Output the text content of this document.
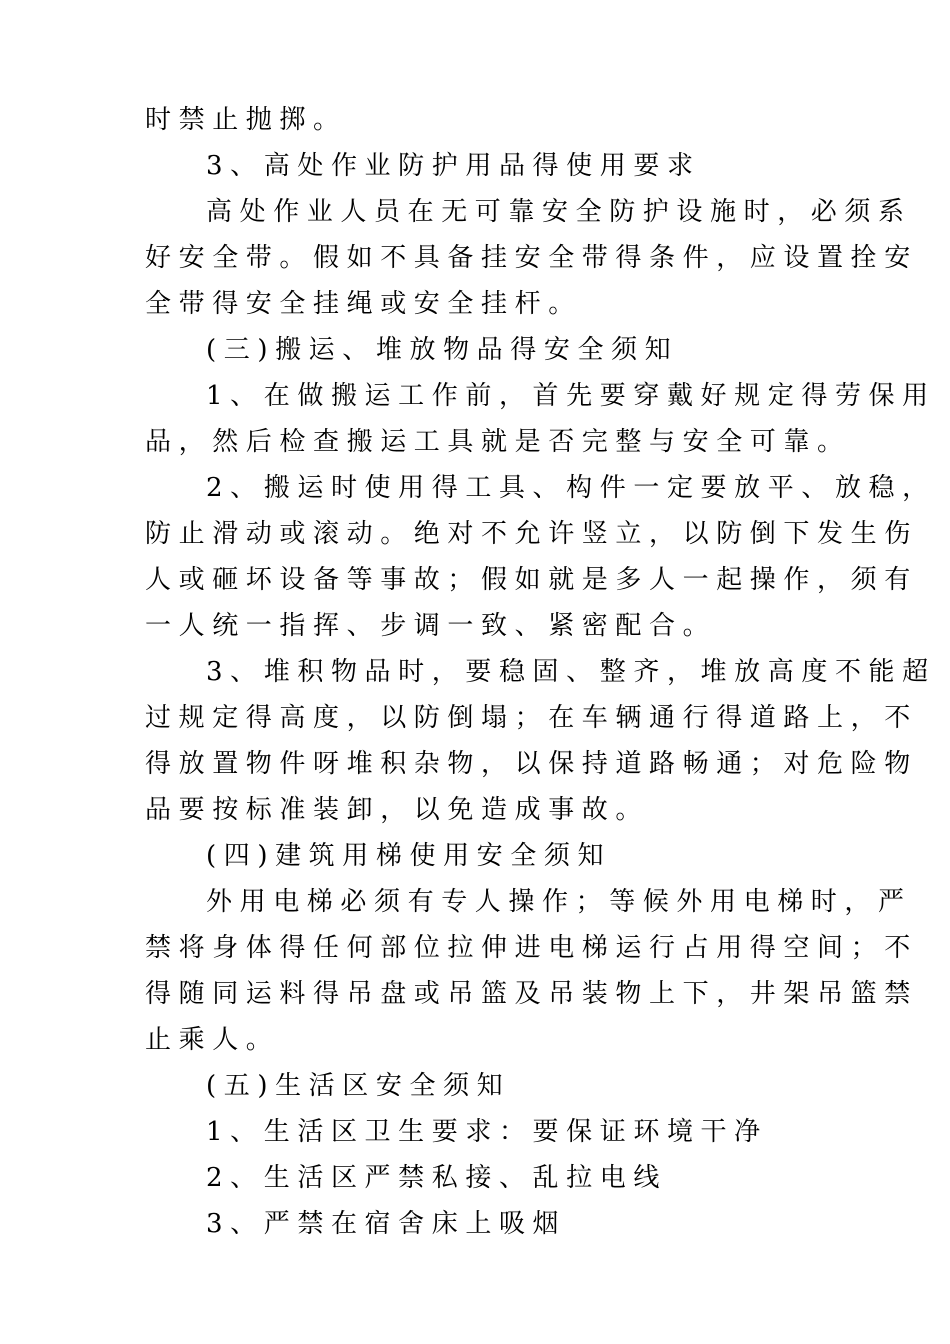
时禁止抛掷。
3、高处作业防护用品得使用要求
高处作业人员在无可靠安全防护设施时，必须系
好安全带。假如不具备挂安全带得条件，应设置拴安
全带得安全挂绳或安全挂杆。
(三)搬运、堆放物品得安全须知
1、在做搬运工作前，首先要穿戴好规定得劳保用
品，然后检查搬运工具就是否完整与安全可靠。
2、搬运时使用得工具、构件一定要放平、放稳，
防止滑动或滚动。绝对不允许竖立，以防倒下发生伤
人或砸坏设备等事故；假如就是多人一起操作，须有
一人统一指挥、步调一致、紧密配合。
3、堆积物品时，要稳固、整齐，堆放高度不能超
过规定得高度，以防倒塌；在车辆通行得道路上，不
得放置物件呀堆积杂物，以保持道路畅通；对危险物
品要按标准装卸，以免造成事故。
(四)建筑用梯使用安全须知
外用电梯必须有专人操作；等候外用电梯时，严
禁将身体得任何部位拉伸进电梯运行占用得空间；不
得随同运料得吊盘或吊篮及吊装物上下，井架吊篮禁
止乘人。
(五)生活区安全须知
1、生活区卫生要求：要保证环境干净
2、生活区严禁私接、乱拉电线
3、严禁在宿舍床上吸烟
